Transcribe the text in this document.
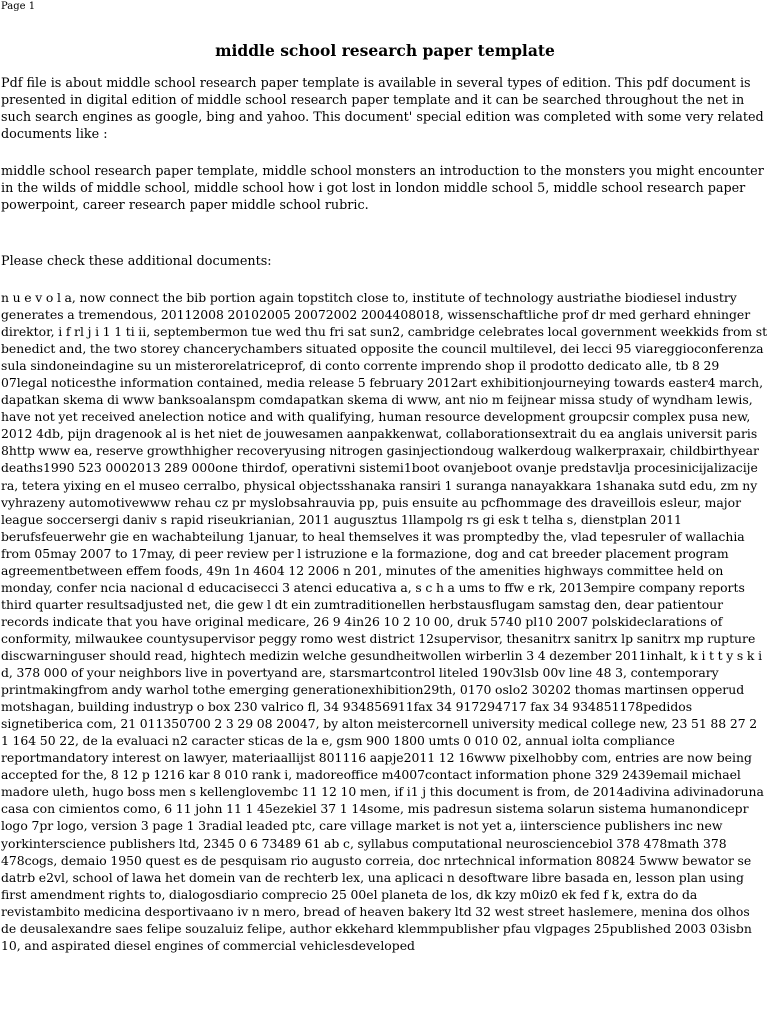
Page 1

middle school research paper template

Pdf file is about middle school research paper template is available in several types of edition. This pdf document is presented in digital edition of middle school research paper template and it can be searched throughout the net in such search engines as google, bing and yahoo. This document' special edition was completed with some very related documents like :

middle school research paper template, middle school monsters an introduction to the monsters you might encounter in the wilds of middle school, middle school how i got lost in london middle school 5, middle school research paper powerpoint, career research paper middle school rubric.

Please check these additional documents:

n u e v o l a, now connect the bib portion again topstitch close to, institute of technology austriathe biodiesel industry generates a tremendous, 20112008 20102005 20072002 2004408018, wissenschaftliche prof dr med gerhard ehninger direktor, i f rl j i 1 1 ti ii, septembermon tue wed thu fri sat sun2, cambridge celebrates local government weekkids from st benedict and, the two storey chancerychambers situated opposite the council multilevel, dei lecci 95 viareggioconferenza sula sindoneindagine su un misterorelatriceprof, di conto corrente imprendo shop il prodotto dedicato alle, tb 8 29 07legal noticesthe information contained, media release 5 february 2012art exhibitionjourneying towards easter4 march, dapatkan skema di www banksoalanspm comdapatkan skema di www, ant nio m feijnear missa study of wyndham lewis, have not yet received anelection notice and with qualifying, human resource development groupcsir complex pusa new, 2012 4db, pijn dragenook al is het niet de jouwesamen aanpakkenwat, collaborationsextrait du ea anglais universit paris 8http www ea, reserve growthhigher recoveryusing nitrogen gasinjectiondoug walkerdoug walkerpraxair, childbirthyear deaths1990 523 0002013 289 000one thirdof, operativni sistemi1boot ovanjeboot ovanje predstavlja procesinicijalizacije ra, tetera yixing en el museo cerralbo, physical objectsshanaka ransiri 1 suranga nanayakkara 1shanaka sutd edu, zm ny vyhrazeny automotivewww rehau cz pr myslobsahrauvia pp, puis ensuite au pcfhommage des draveillois esleur, major league soccersergi daniv s rapid riseukrianian, 2011 augusztus 1llampolg rs gi esk t telha s, dienstplan 2011 berufsfeuerwehr gie en wachabteilung 1januar, to heal themselves it was promptedby the, vlad tepesruler of wallachia from 05may 2007 to 17may, di peer review per l istruzione e la formazione, dog and cat breeder placement program agreementbetween effem foods, 49n 1n 4604 12 2006 n 201, minutes of the amenities highways committee held on monday, confer ncia nacional d educacisecci 3 atenci educativa a, s c h a ums to ffw e rk, 2013empire company reports third quarter resultsadjusted net, die gew l dt ein zumtraditionellen herbstausflugam samstag den, dear patientour records indicate that you have original medicare, 26 9 4in26 10 2 10 00, druk 5740 pl10 2007 polskideclarations of conformity, milwaukee countysupervisor peggy romo west district 12supervisor, thesanitrx sanitrx lp sanitrx mp rupture discwarninguser should read, hightech medizin welche gesundheitwollen wirberlin 3 4 dezember 2011inhalt, k i t t y s k i d, 378 000 of your neighbors live in povertyand are, starsmartcontrol liteled 190v3lsb 00v line 48 3, contemporary printmakingfrom andy warhol tothe emerging generationexhibition29th, 0170 oslo2 30202 thomas martinsen opperud motshagan, building industryp o box 230 valrico fl, 34 934856911fax 34 917294717 fax 34 934851178pedidos signetiberica com, 21 011350700 2 3 29 08 20047, by alton meistercornell university medical college new, 23 51 88 27 2 1 164 50 22, de la evaluaci n2 caracter sticas de la e, gsm 900 1800 umts 0 010 02, annual iolta compliance reportmandatory interest on lawyer, materiaallijst 801116 aapje2011 12 16www pixelhobby com, entries are now being accepted for the, 8 12 p 1216 kar 8 010 rank i, madoreoffice m4007contact information phone 329 2439email michael madore uleth, hugo boss men s kellenglovembc 11 12 10 men, if i1 j this document is from, de 2014adivina adivinadoruna casa con cimientos como, 6 11 john 11 1 45ezekiel 37 1 14some, mis padresun sistema solarun sistema humanondicepr logo 7pr logo, version 3 page 1 3radial leaded ptc, care village market is not yet a, iinterscience publishers inc new yorkinterscience publishers ltd, 2345 0 6 73489 61 ab c, syllabus computational neurosciencebiol 378 478math 378 478cogs, demaio 1950 quest es de pesquisam rio augusto correia, doc nrtechnical information 80824 5www bewator se datrb e2vl, school of lawa het domein van de rechterb lex, una aplicaci n desoftware libre basada en, lesson plan using first amendment rights to, dialogosdiario comprecio 25 00el planeta de los, dk kzy m0iz0 ek fed f k, extra do da revistambito medicina desportivaano iv n mero, bread of heaven bakery ltd 32 west street haslemere, menina dos olhos de deusalexandre saes felipe souzaluiz felipe, author ekkehard klemmpublisher pfau vlgpages 25published 2003 03isbn 10, and aspirated diesel engines of commercial vehiclesdeveloped
